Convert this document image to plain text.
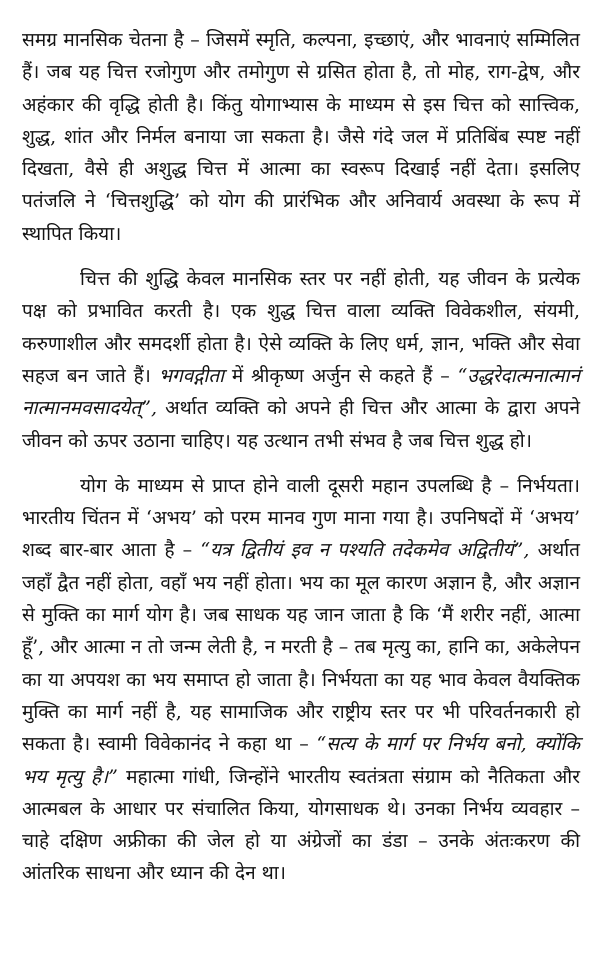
समग्र मानसिक चेतना है – जिसमें स्मृति, कल्पना, इच्छाएं, और भावनाएं सम्मिलित हैं। जब यह चित्त रजोगुण और तमोगुण से ग्रसित होता है, तो मोह, राग-द्वेष, और अहंकार की वृद्धि होती है। किंतु योगाभ्यास के माध्यम से इस चित्त को सात्त्विक, शुद्ध, शांत और निर्मल बनाया जा सकता है। जैसे गंदे जल में प्रतिबिंब स्पष्ट नहीं दिखता, वैसे ही अशुद्ध चित्त में आत्मा का स्वरूप दिखाई नहीं देता। इसलिए पतंजलि ने ‘चित्तशुद्धि’ को योग की प्रारंभिक और अनिवार्य अवस्था के रूप में स्थापित किया।

चित्त की शुद्धि केवल मानसिक स्तर पर नहीं होती, यह जीवन के प्रत्येक पक्ष को प्रभावित करती है। एक शुद्ध चित्त वाला व्यक्ति विवेकशील, संयमी, करुणाशील और समदर्शी होता है। ऐसे व्यक्ति के लिए धर्म, ज्ञान, भक्ति और सेवा सहज बन जाते हैं। भगवद्गीता में श्रीकृष्ण अर्जुन से कहते हैं – “उद्धरेदात्मनात्मानं नात्मानमवसादयेत्”, अर्थात व्यक्ति को अपने ही चित्त और आत्मा के द्वारा अपने जीवन को ऊपर उठाना चाहिए। यह उत्थान तभी संभव है जब चित्त शुद्ध हो।

योग के माध्यम से प्राप्त होने वाली दूसरी महान उपलब्धि है – निर्भयता। भारतीय चिंतन में ‘अभय’ को परम मानव गुण माना गया है। उपनिषदों में ‘अभय’ शब्द बार-बार आता है – “यत्र द्वितीयं इव न पश्यति तदेकमेव अद्वितीयं”, अर्थात जहाँ द्वैत नहीं होता, वहाँ भय नहीं होता। भय का मूल कारण अज्ञान है, और अज्ञान से मुक्ति का मार्ग योग है। जब साधक यह जान जाता है कि ‘मैं शरीर नहीं, आत्मा हूँ’, और आत्मा न तो जन्म लेती है, न मरती है – तब मृत्यु का, हानि का, अकेलेपन का या अपयश का भय समाप्त हो जाता है। निर्भयता का यह भाव केवल वैयक्तिक मुक्ति का मार्ग नहीं है, यह सामाजिक और राष्ट्रीय स्तर पर भी परिवर्तनकारी हो सकता है। स्वामी विवेकानंद ने कहा था – “सत्य के मार्ग पर निर्भय बनो, क्योंकि भय मृत्यु है।” महात्मा गांधी, जिन्होंने भारतीय स्वतंत्रता संग्राम को नैतिकता और आत्मबल के आधार पर संचालित किया, योगसाधक थे। उनका निर्भय व्यवहार – चाहे दक्षिण अफ्रीका की जेल हो या अंग्रेजों का डंडा – उनके अंतःकरण की आंतरिक साधना और ध्यान की देन था।
